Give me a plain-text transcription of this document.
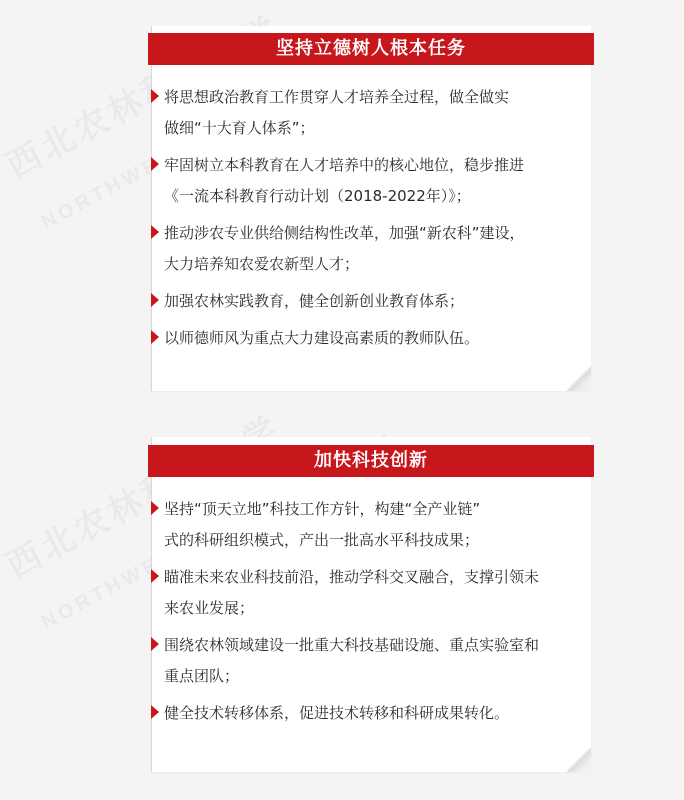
坚持立德树人根本任务
将思想政治教育工作贯穿人才培养全过程，做全做实
做细“十大育人体系”；
牢固树立本科教育在人才培养中的核心地位，稳步推进
《一流本科教育行动计划（2018-2022年）》；
推动涉农专业供给侧结构性改革，加强“新农科”建设，
大力培养知农爱农新型人才；
加强农林实践教育，健全创新创业教育体系；
以师德师风为重点大力建设高素质的教师队伍。
加快科技创新
坚持“顶天立地”科技工作方针，构建“全产业链”
式的科研组织模式，产出一批高水平科技成果；
瞄准未来农业科技前沿，推动学科交叉融合，支撑引领未
来农业发展；
围绕农林领域建设一批重大科技基础设施、重点实验室和
重点团队；
健全技术转移体系，促进技术转移和科研成果转化。
